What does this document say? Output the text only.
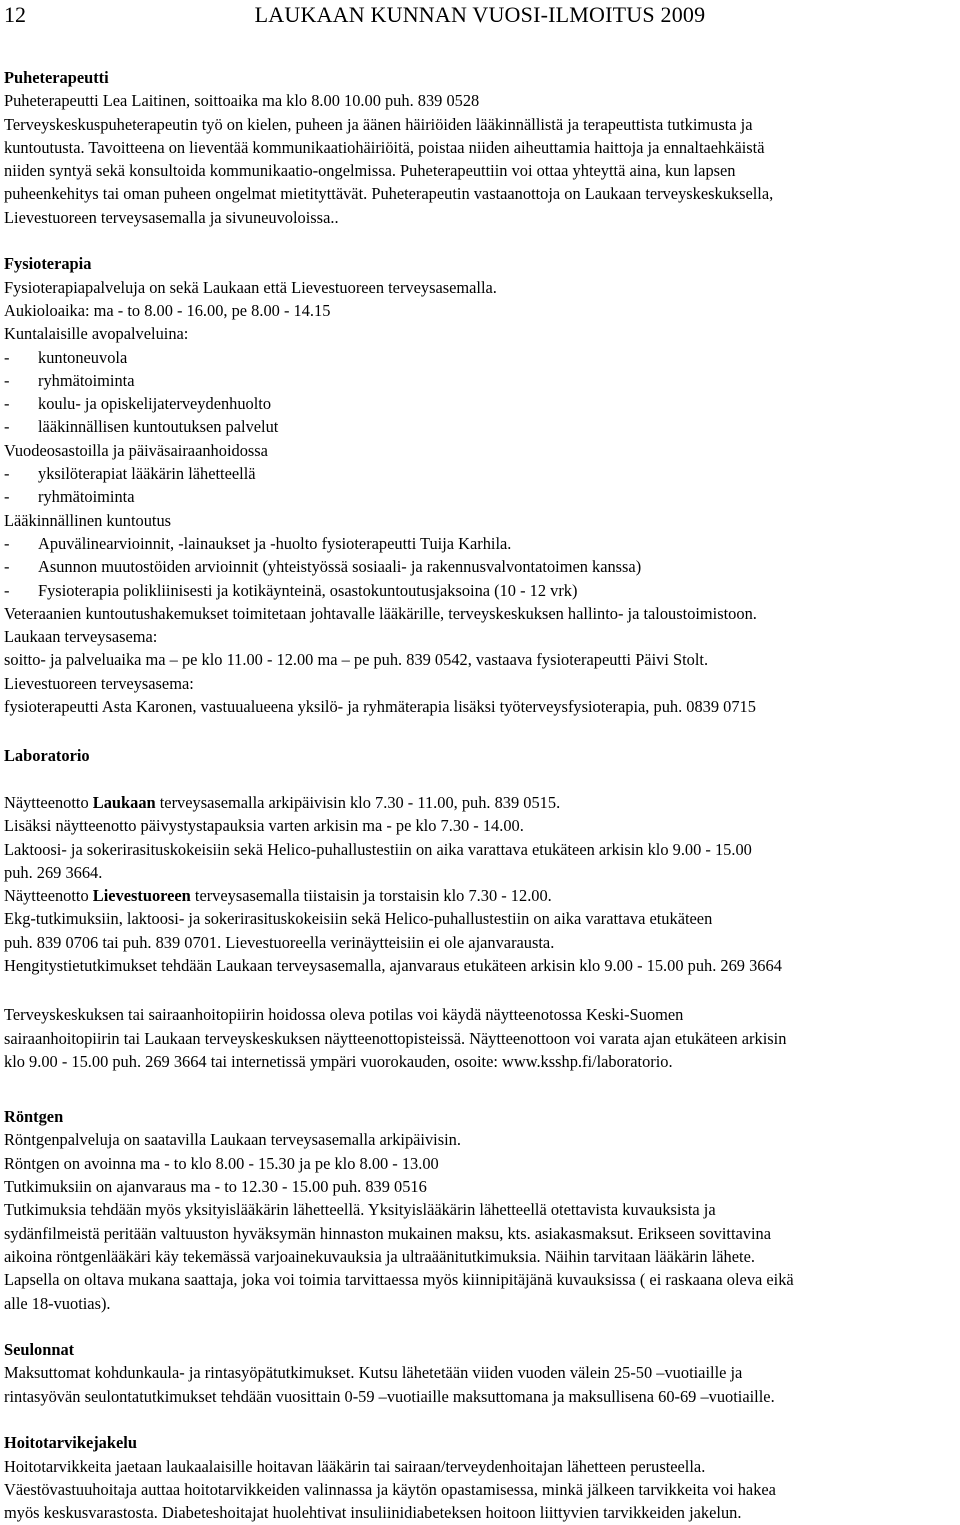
12	LAUKAAN KUNNAN VUOSI-ILMOITUS 2009
Puheterapeutti
Puheterapeutti Lea Laitinen, soittoaika ma klo 8.00 10.00 puh. 839 0528
Terveyskeskuspuheterapeutin työ on kielen, puheen ja äänen häiriöiden lääkinnällistä ja terapeuttista tutkimusta ja
kuntoutusta. Tavoitteena on lieventää kommunikaatiohäiriöitä, poistaa niiden aiheuttamia haittoja ja ennaltaehkäistä
niiden syntyä sekä konsultoida kommunikaatio-ongelmissa. Puheterapeuttiin voi ottaa yhteyttä aina, kun lapsen
puheenkehitys tai oman puheen ongelmat mietityttävät. Puheterapeutin vastaanottoja on Laukaan terveyskeskuksella,
Lievestuoreen terveysasemalla ja sivuneuvoloissa..
Fysioterapia
Fysioterapiapalveluja on sekä Laukaan että Lievestuoreen terveysasemalla.
Aukioloaika: ma - to 8.00 - 16.00, pe 8.00 - 14.15
Kuntalaisille avopalveluina:
- kuntoneuvola
- ryhmätoiminta
- koulu- ja opiskelijaterveydenhuolto
- lääkinnällisen kuntoutuksen palvelut
Vuodeosastoilla ja päiväsairaanhoidossa
- yksilöterapiat lääkärin lähetteellä
- ryhmätoiminta
Lääkinnällinen kuntoutus
- Apuvälinearvioinnit, -lainaukset ja -huolto fysioterapeutti Tuija Karhila.
- Asunnon muutostöiden arvioinnit (yhteistyössä sosiaali- ja rakennusvalvontatoimen kanssa)
- Fysioterapia polikliinisesti ja kotikäynteinä, osastokuntoutusjaksoina (10 - 12 vrk)
Veteraanien kuntoutushakemukset toimitetaan johtavalle lääkärille, terveyskeskuksen hallinto- ja taloustoimistoon.
Laukaan terveysasema:
soitto- ja palveluaika ma – pe klo 11.00 - 12.00 ma – pe puh. 839 0542, vastaava fysioterapeutti Päivi Stolt.
Lievestuoreen terveysasema:
fysioterapeutti Asta Karonen, vastuualueena yksilö- ja ryhmäterapia lisäksi työterveysfysioterapia, puh. 0839 0715
Laboratorio
Näytteenotto Laukaan terveysasemalla arkipäivisin klo 7.30 - 11.00, puh. 839 0515.
Lisäksi näytteenotto päivystystapauksia varten arkisin ma - pe klo 7.30 - 14.00.
Laktoosi- ja sokerirasituskokeisiin sekä Helico-puhallustestiin on aika varattava etukäteen arkisin klo 9.00 - 15.00
puh. 269 3664.
Näytteenotto Lievestuoreen terveysasemalla tiistaisin ja torstaisin klo 7.30 - 12.00.
Ekg-tutkimuksiin, laktoosi- ja sokerirasituskokeisiin sekä Helico-puhallustestiin on aika varattava etukäteen
puh. 839 0706 tai puh. 839 0701. Lievestuoreella verinäytteisiin ei ole ajanvarausta.
Hengitystietutkimukset tehdään Laukaan terveysasemalla, ajanvaraus etukäteen arkisin klo 9.00 - 15.00 puh. 269 3664
Terveyskeskuksen tai sairaanhoitopiirin hoidossa oleva potilas voi käydä näytteenotossa Keski-Suomen
sairaanhoitopiirin tai Laukaan terveyskeskuksen näytteenottopisteissä. Näytteenottoon voi varata ajan etukäteen arkisin
klo 9.00 - 15.00 puh. 269 3664 tai internetissä ympäri vuorokauden, osoite: www.ksshp.fi/laboratorio.
Röntgen
Röntgenpalveluja on saatavilla Laukaan terveysasemalla arkipäivisin.
Röntgen on avoinna ma - to klo 8.00 - 15.30 ja pe klo 8.00 - 13.00
Tutkimuksiin on ajanvaraus ma - to 12.30 - 15.00 puh. 839 0516
Tutkimuksia tehdään myös yksityislääkärin lähetteellä. Yksityislääkärin lähetteellä otettavista kuvauksista ja
sydänfilmeistä peritään valtuuston hyväksymän hinnaston mukainen maksu, kts. asiakasmaksut. Erikseen sovittavina
aikoina röntgenlääkäri käy tekemässä varjoainekuvauksia ja ultraäänitutkimuksia. Näihin tarvitaan lääkärin lähete.
Lapsella on oltava mukana saattaja, joka voi toimia tarvittaessa myös kiinnipitäjänä kuvauksissa ( ei raskaana oleva eikä
alle 18-vuotias).
Seulonnat
Maksuttomat kohdunkaula- ja rintasyöpätutkimukset. Kutsu lähetetään viiden vuoden välein 25-50 –vuotiaille ja
rintasyövän seulontatutkimukset tehdään vuosittain 0-59 –vuotiaille maksuttomana ja maksullisena 60-69 –vuotiaille.
Hoitotarvikejakelu
Hoitotarvikkeita jaetaan laukaalaisille hoitavan lääkärin tai sairaan/terveydenhoitajan lähetteen perusteella.
Väestövastuuhoitaja auttaa hoitotarvikkeiden valinnassa ja käytön opastamisessa, minkä jälkeen tarvikkeita voi hakea
myös keskusvarastosta. Diabeteshoitajat huolehtivat insuliinidiabeteksen hoitoon liittyvien tarvikkeiden jakelun.
